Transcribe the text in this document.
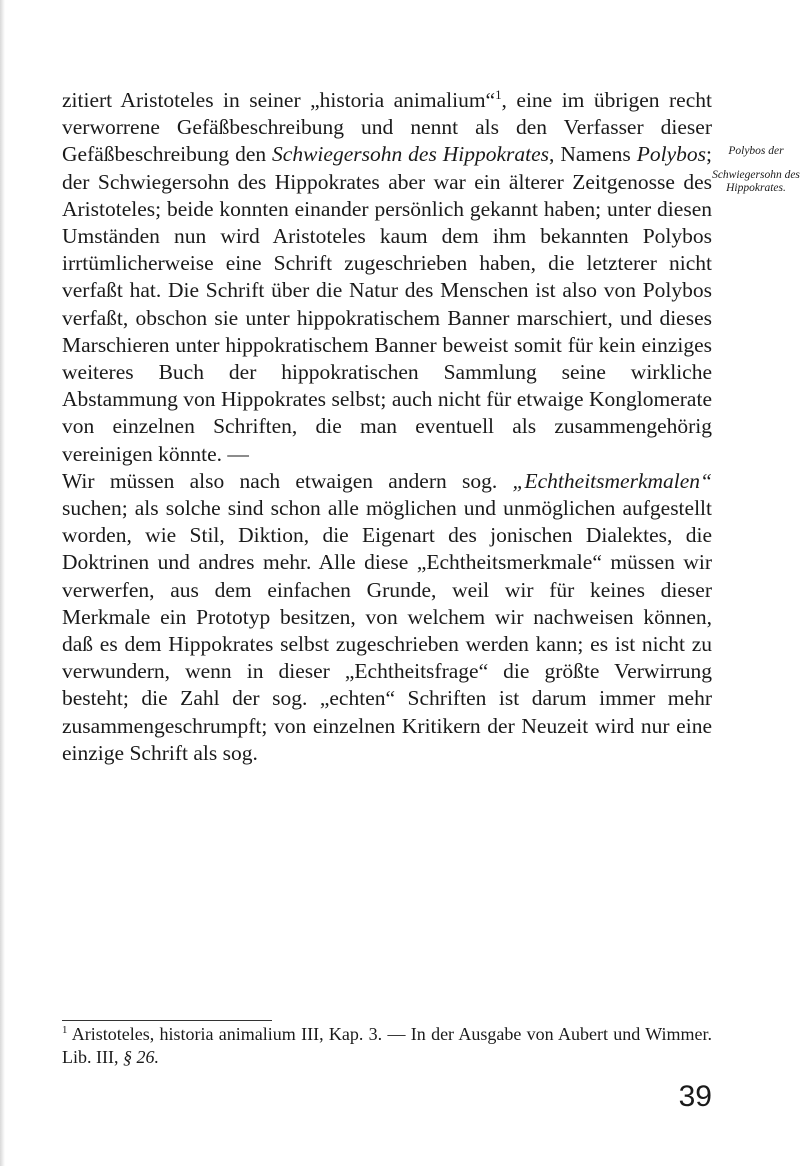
zitiert Aristoteles in seiner „historia animalium“$^1$, eine im übrigen recht verworrene Gefäßbeschreibung und nennt als den Verfasser dieser Gefäßbeschreibung den Schwiegersohn des Hippokrates, Namens Polybos; der Schwiegersohn des Hippokrates aber war ein älterer Zeitgenosse des Aristoteles; beide konnten einander persönlich gekannt haben; unter diesen Umständen nun wird Aristoteles kaum dem ihm bekannten Polybos irrtümlicherweise eine Schrift zugeschrieben haben, die letzterer nicht verfaßt hat. Die Schrift über die Natur des Menschen ist also von Polybos verfaßt, obschon sie unter hippokratischem Banner marschiert, und dieses Marschieren unter hippokratischem Banner beweist somit für kein einziges weiteres Buch der hippokratischen Sammlung seine wirkliche Abstammung von Hippokrates selbst; auch nicht für etwaige Konglomerate von einzelnen Schriften, die man eventuell als zusammengehörig vereinigen könnte. —

Wir müssen also nach etwaigen andern sog. „Echtheitsmerkmalen“ suchen; als solche sind schon alle möglichen und unmöglichen aufgestellt worden, wie Stil, Diktion, die Eigenart des jonischen Dialektes, die Doktrinen und andres mehr. Alle diese „Echtheitsmerkmale“ müssen wir verwerfen, aus dem einfachen Grunde, weil wir für keines dieser Merkmale ein Prototyp besitzen, von welchem wir nachweisen können, daß es dem Hippokrates selbst zugeschrieben werden kann; es ist nicht zu verwundern, wenn in dieser „Echtheitsfrage“ die größte Verwirrung besteht; die Zahl der sog. „echten“ Schriften ist darum immer mehr zusammengeschrumpft; von einzelnen Kritikern der Neuzeit wird nur eine einzige Schrift als sog.

Polybos der
Schwiegersohn des
Hippokrates.
$^1$ Aristoteles, historia animalium III, Kap. 3. — In der Ausgabe von Aubert und Wimmer. Lib. III, § 26.
39
